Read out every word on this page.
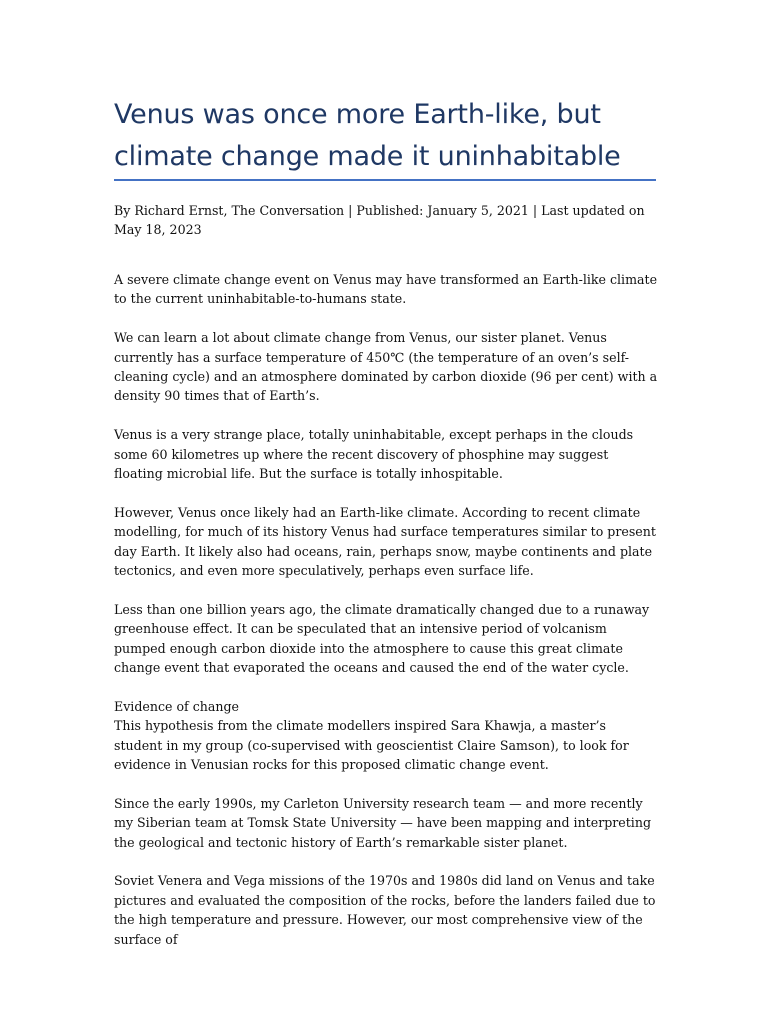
Venus was once more Earth-like, but climate change made it uninhabitable

By Richard Ernst, The Conversation | Published: January 5, 2021 | Last updated on May 18, 2023

A severe climate change event on Venus may have transformed an Earth-like climate to the current uninhabitable-to-humans state.

We can learn a lot about climate change from Venus, our sister planet. Venus currently has a surface temperature of 450℃ (the temperature of an oven’s self-cleaning cycle) and an atmosphere dominated by carbon dioxide (96 per cent) with a density 90 times that of Earth’s.

Venus is a very strange place, totally uninhabitable, except perhaps in the clouds some 60 kilometres up where the recent discovery of phosphine may suggest floating microbial life. But the surface is totally inhospitable.

However, Venus once likely had an Earth-like climate. According to recent climate modelling, for much of its history Venus had surface temperatures similar to present day Earth. It likely also had oceans, rain, perhaps snow, maybe continents and plate tectonics, and even more speculatively, perhaps even surface life.

Less than one billion years ago, the climate dramatically changed due to a runaway greenhouse effect. It can be speculated that an intensive period of volcanism pumped enough carbon dioxide into the atmosphere to cause this great climate change event that evaporated the oceans and caused the end of the water cycle.

Evidence of change
This hypothesis from the climate modellers inspired Sara Khawja, a master’s student in my group (co-supervised with geoscientist Claire Samson), to look for evidence in Venusian rocks for this proposed climatic change event.

Since the early 1990s, my Carleton University research team — and more recently my Siberian team at Tomsk State University — have been mapping and interpreting the geological and tectonic history of Earth’s remarkable sister planet.

Soviet Venera and Vega missions of the 1970s and 1980s did land on Venus and take pictures and evaluated the composition of the rocks, before the landers failed due to the high temperature and pressure. However, our most comprehensive view of the surface of
